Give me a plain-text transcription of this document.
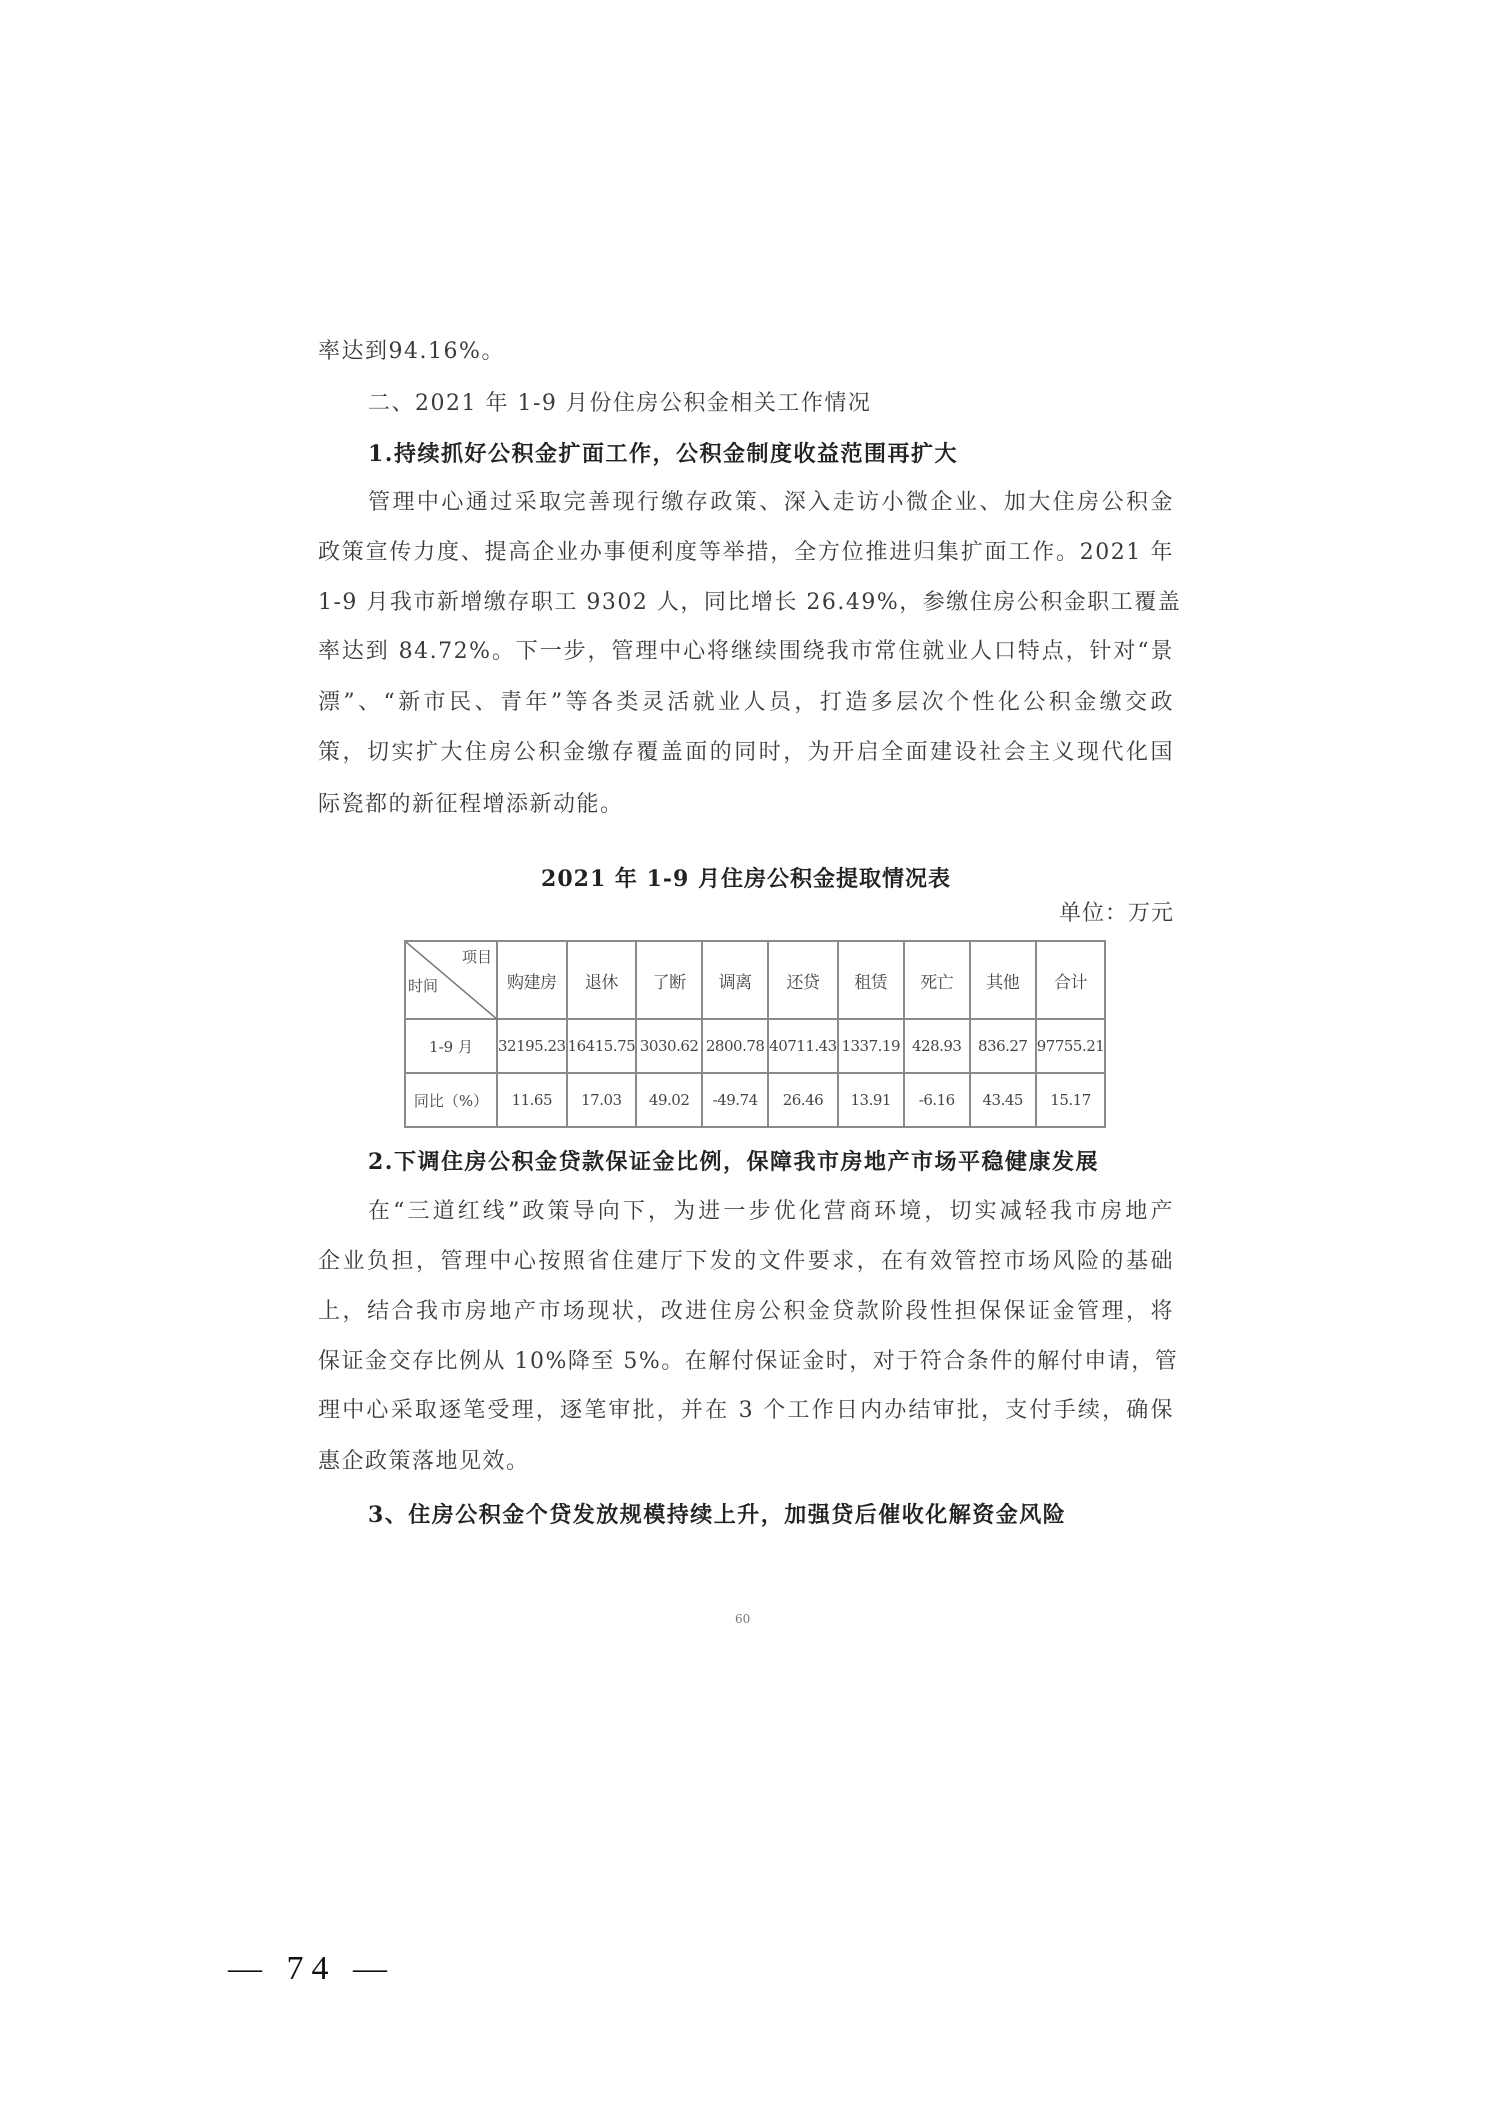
率达到94.16%。
二、2021 年 1-9 月份住房公积金相关工作情况
1.持续抓好公积金扩面工作，公积金制度收益范围再扩大
管理中心通过采取完善现行缴存政策、深入走访小微企业、加大住房公积金
政策宣传力度、提高企业办事便利度等举措，全方位推进归集扩面工作。2021 年
1-9 月我市新增缴存职工 9302 人，同比增长 26.49%，参缴住房公积金职工覆盖
率达到 84.72%。下一步，管理中心将继续围绕我市常住就业人口特点，针对“景
漂”、“新市民、青年”等各类灵活就业人员，打造多层次个性化公积金缴交政
策，切实扩大住房公积金缴存覆盖面的同时，为开启全面建设社会主义现代化国
际瓷都的新征程增添新动能。
2021 年 1-9 月住房公积金提取情况表
单位：万元
项目
时间	购建房	退休	了断	调离	还贷	租赁	死亡	其他	合计
1-9 月	32195.23	16415.75	3030.62	2800.78	40711.43	1337.19	428.93	836.27	97755.21
同比（%）	11.65	17.03	49.02	-49.74	26.46	13.91	-6.16	43.45	15.17
2.下调住房公积金贷款保证金比例，保障我市房地产市场平稳健康发展
在“三道红线”政策导向下，为进一步优化营商环境，切实减轻我市房地产
企业负担，管理中心按照省住建厅下发的文件要求，在有效管控市场风险的基础
上，结合我市房地产市场现状，改进住房公积金贷款阶段性担保保证金管理，将
保证金交存比例从 10%降至 5%。在解付保证金时，对于符合条件的解付申请，管
理中心采取逐笔受理，逐笔审批，并在 3 个工作日内办结审批，支付手续，确保
惠企政策落地见效。
3、住房公积金个贷发放规模持续上升，加强贷后催收化解资金风险
60
— 74 —
